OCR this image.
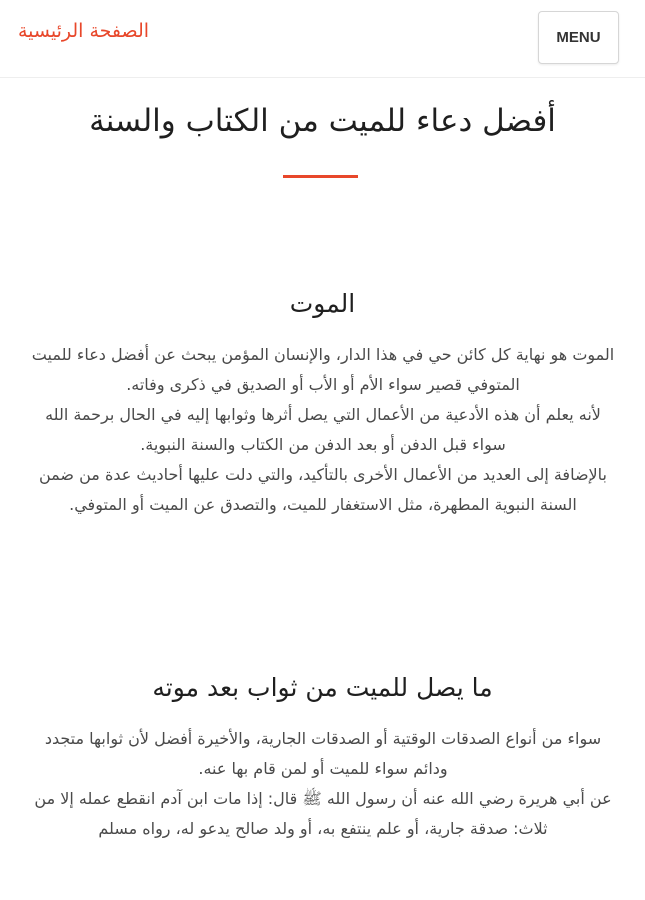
الصفحة الرئيسية	MENU
أفضل دعاء للميت من الكتاب والسنة
الموت

الموت هو نهاية كل كائن حي في هذا الدار، والإنسان المؤمن يبحث عن أفضل دعاء للميت المتوفي قصير سواء الأم أو الأب أو الصديق في ذكرى وفاته.

لأنه يعلم أن هذه الأدعية من الأعمال التي يصل أثرها وثوابها إليه في الحال برحمة الله سواء قبل الدفن أو بعد الدفن من الكتاب والسنة النبوية.

بالإضافة إلى العديد من الأعمال الأخرى بالتأكيد، والتي دلت عليها أحاديث عدة من ضمن السنة النبوية المطهرة، مثل الاستغفار للميت، والتصدق عن الميت أو المتوفي.

ما يصل للميت من ثواب بعد موته

سواء من أنواع الصدقات الوقتية أو الصدقات الجارية، والأخيرة أفضل لأن ثوابها متجدد ودائم سواء للميت أو لمن قام بها عنه.

عن أبي هريرة رضي الله عنه أن رسول الله ﷺ قال: إذا مات ابن آدم انقطع عمله إلا من ثلاث: صدقة جارية، أو علم ينتفع به، أو ولد صالح يدعو له، رواه مسلم
